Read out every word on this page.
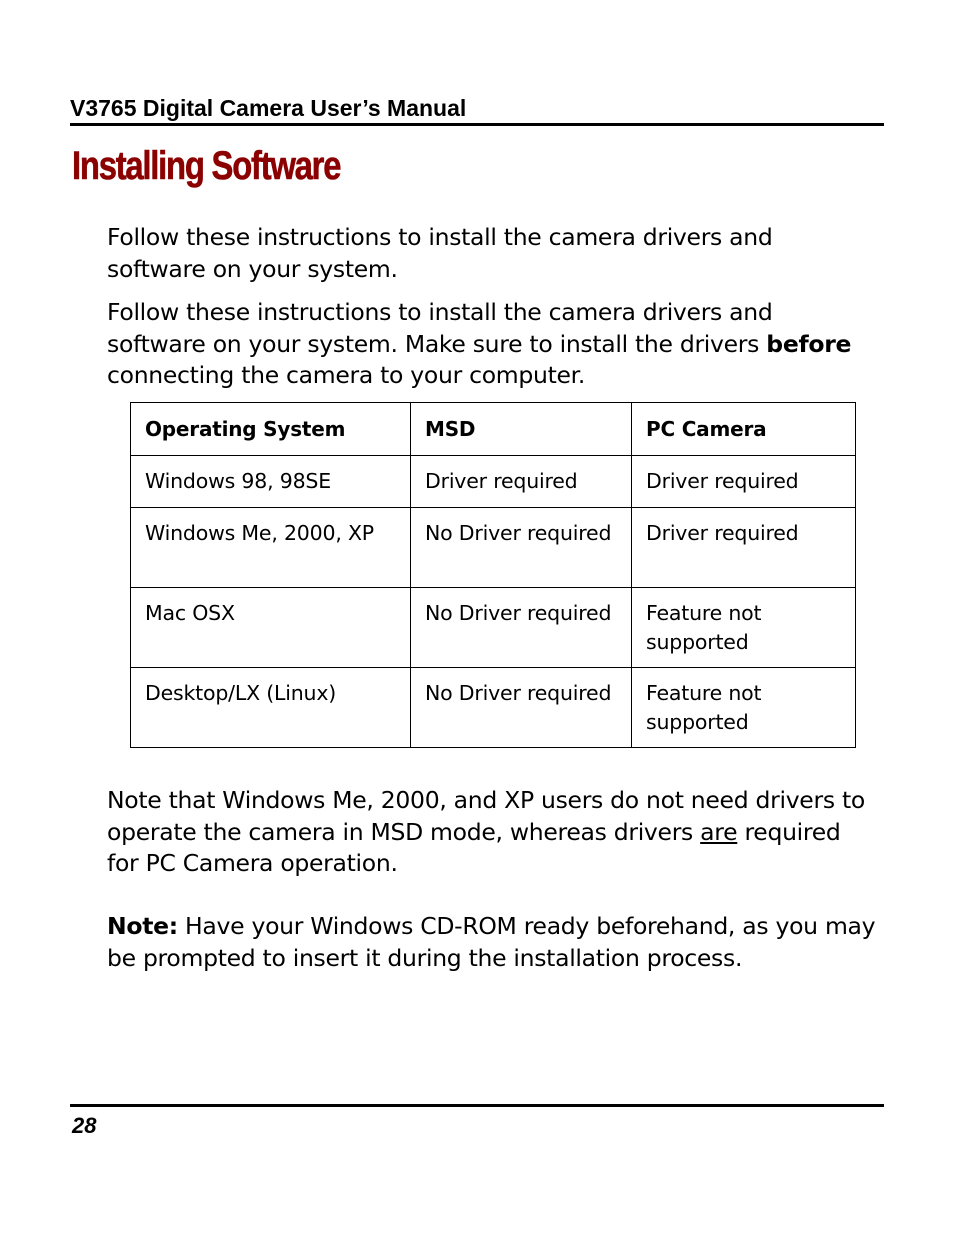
V3765 Digital Camera User’s Manual

Installing Software

Follow these instructions to install the camera drivers and software on your system.

Follow these instructions to install the camera drivers and software on your system. Make sure to install the drivers before connecting the camera to your computer.

Operating System	MSD	PC Camera
Windows 98, 98SE	Driver required	Driver required
Windows Me, 2000, XP	No Driver required	Driver required
Mac OSX	No Driver required	Feature not supported
Desktop/LX (Linux)	No Driver required	Feature not supported

Note that Windows Me, 2000, and XP users do not need drivers to operate the camera in MSD mode, whereas drivers are required for PC Camera operation.

Note: Have your Windows CD-ROM ready beforehand, as you may be prompted to insert it during the installation process.

28
